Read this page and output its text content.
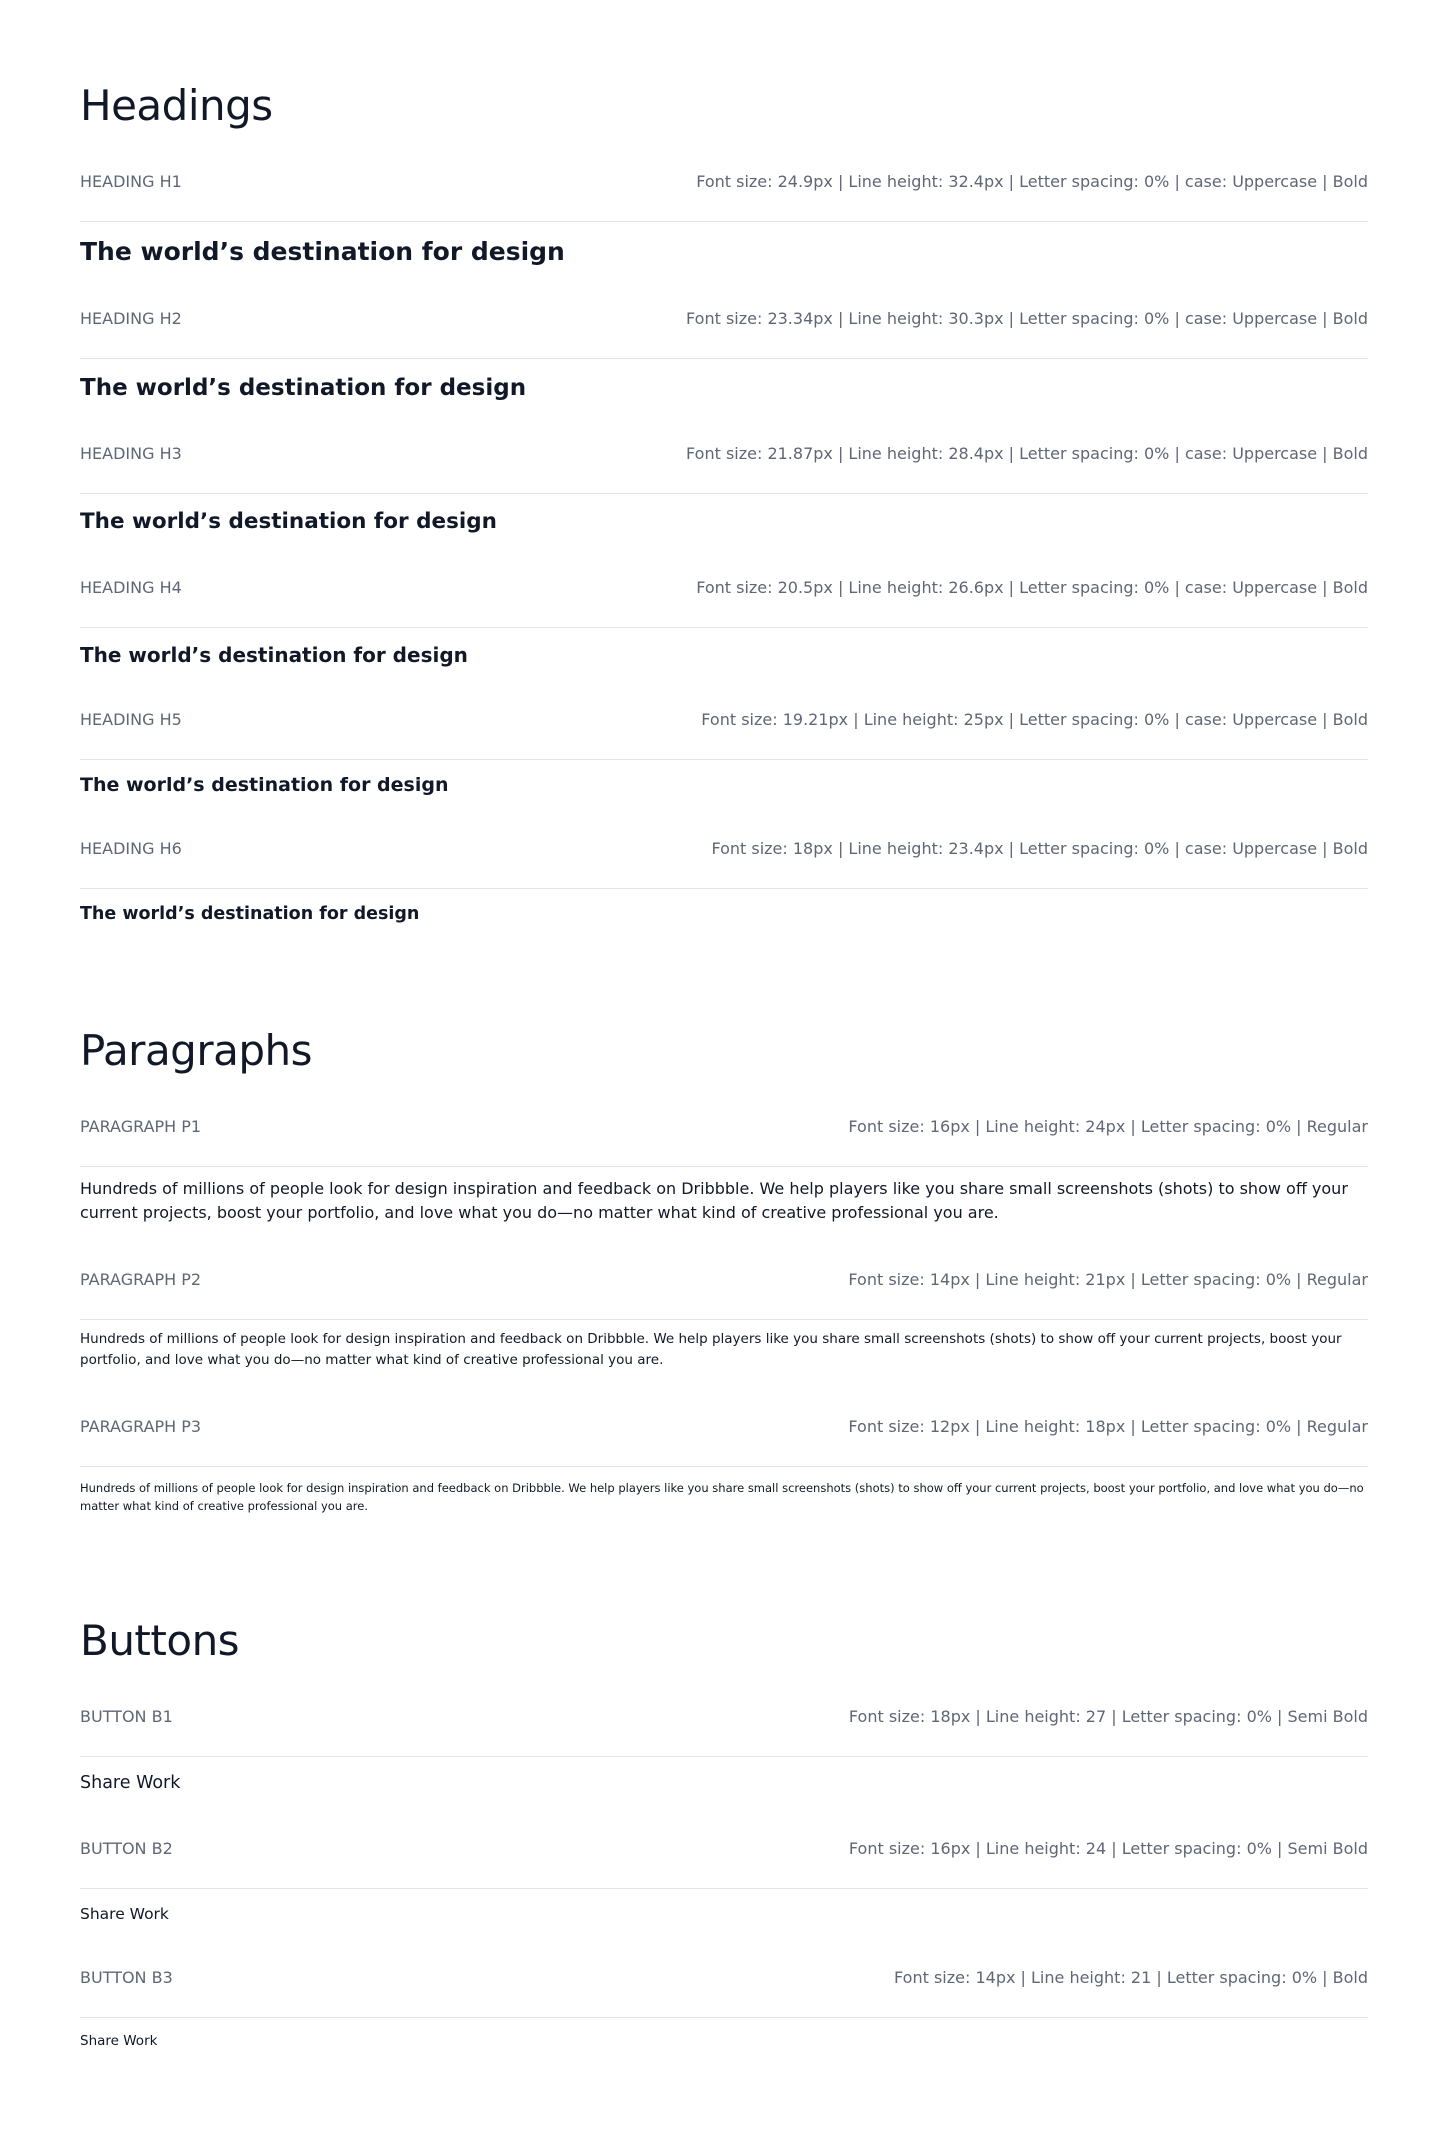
Headings
HEADING H1	Font size: 24.9px | Line height: 32.4px | Letter spacing: 0% | case: Uppercase | Bold
The world’s destination for design
HEADING H2	Font size: 23.34px | Line height: 30.3px | Letter spacing: 0% | case: Uppercase | Bold
The world’s destination for design
HEADING H3	Font size: 21.87px | Line height: 28.4px | Letter spacing: 0% | case: Uppercase | Bold
The world’s destination for design
HEADING H4	Font size: 20.5px | Line height: 26.6px | Letter spacing: 0% | case: Uppercase | Bold
The world’s destination for design
HEADING H5	Font size: 19.21px | Line height: 25px | Letter spacing: 0% | case: Uppercase | Bold
The world’s destination for design
HEADING H6	Font size: 18px | Line height: 23.4px | Letter spacing: 0% | case: Uppercase | Bold
The world’s destination for design
Paragraphs
PARAGRAPH P1	Font size: 16px | Line height: 24px | Letter spacing: 0% | Regular
Hundreds of millions of people look for design inspiration and feedback on Dribbble. We help players like you share small screenshots (shots) to show off your current projects, boost your portfolio, and love what you do—no matter what kind of creative professional you are.
PARAGRAPH P2	Font size: 14px | Line height: 21px | Letter spacing: 0% | Regular
Hundreds of millions of people look for design inspiration and feedback on Dribbble. We help players like you share small screenshots (shots) to show off your current projects, boost your portfolio, and love what you do—no matter what kind of creative professional you are.
PARAGRAPH P3	Font size: 12px | Line height: 18px | Letter spacing: 0% | Regular
Hundreds of millions of people look for design inspiration and feedback on Dribbble. We help players like you share small screenshots (shots) to show off your current projects, boost your portfolio, and love what you do—no matter what kind of creative professional you are.
Buttons
BUTTON B1	Font size: 18px | Line height: 27 | Letter spacing: 0% | Semi Bold
Share Work
BUTTON B2	Font size: 16px | Line height: 24 | Letter spacing: 0% | Semi Bold
Share Work
BUTTON B3	Font size: 14px | Line height: 21 | Letter spacing: 0% | Bold
Share Work
